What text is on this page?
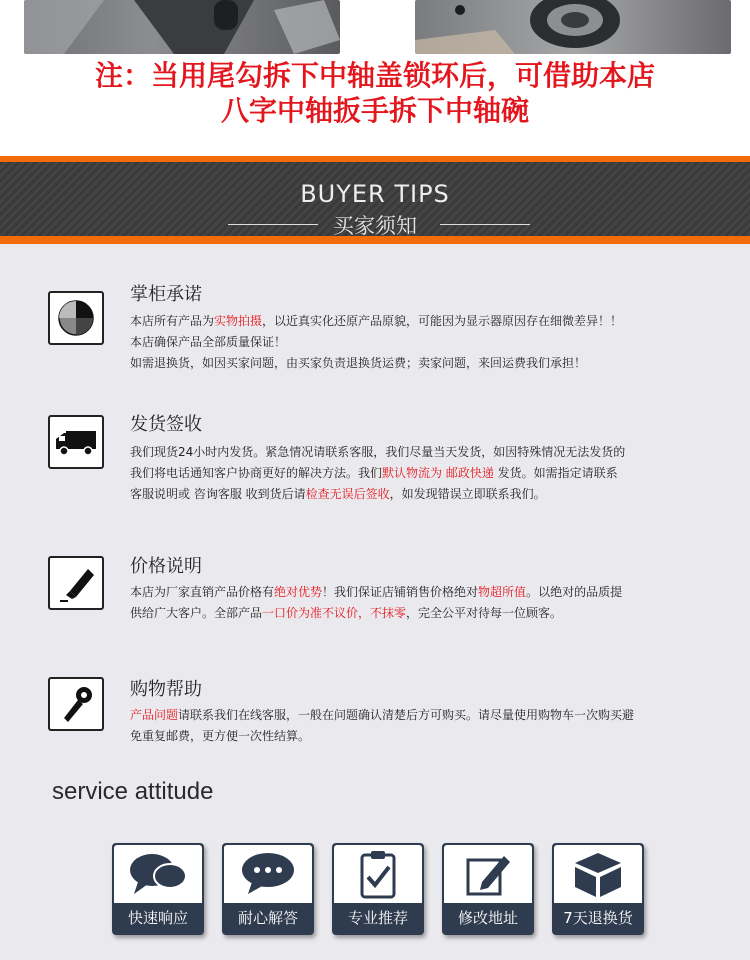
注：当用尾勾拆下中轴盖锁环后，可借助本店
八字中轴扳手拆下中轴碗
BUYER TIPS
买家须知
掌柜承诺
本店所有产品为实物拍摄，以近真实化还原产品原貌，可能因为显示器原因存在细微差异！！
本店确保产品全部质量保证！
如需退换货，如因买家问题，由买家负责退换货运费；卖家问题，来回运费我们承担！
发货签收
我们现货24小时内发货。紧急情况请联系客服，我们尽量当天发货，如因特殊情况无法发货的
我们将电话通知客户协商更好的解决方法。我们默认物流为 邮政快递 发货。如需指定请联系
客服说明或 咨询客服 收到货后请检查无误后签收，如发现错误立即联系我们。
价格说明
本店为厂家直销产品价格有绝对优势！我们保证店铺销售价格绝对物超所值。以绝对的品质提
供给广大客户。全部产品一口价为准不议价，不抹零，完全公平对待每一位顾客。
购物帮助
产品问题请联系我们在线客服，一般在问题确认清楚后方可购买。请尽量使用购物车一次购买避
免重复邮费，更方便一次性结算。
service attitude
快速响应	耐心解答	专业推荐	修改地址	7天退换货
